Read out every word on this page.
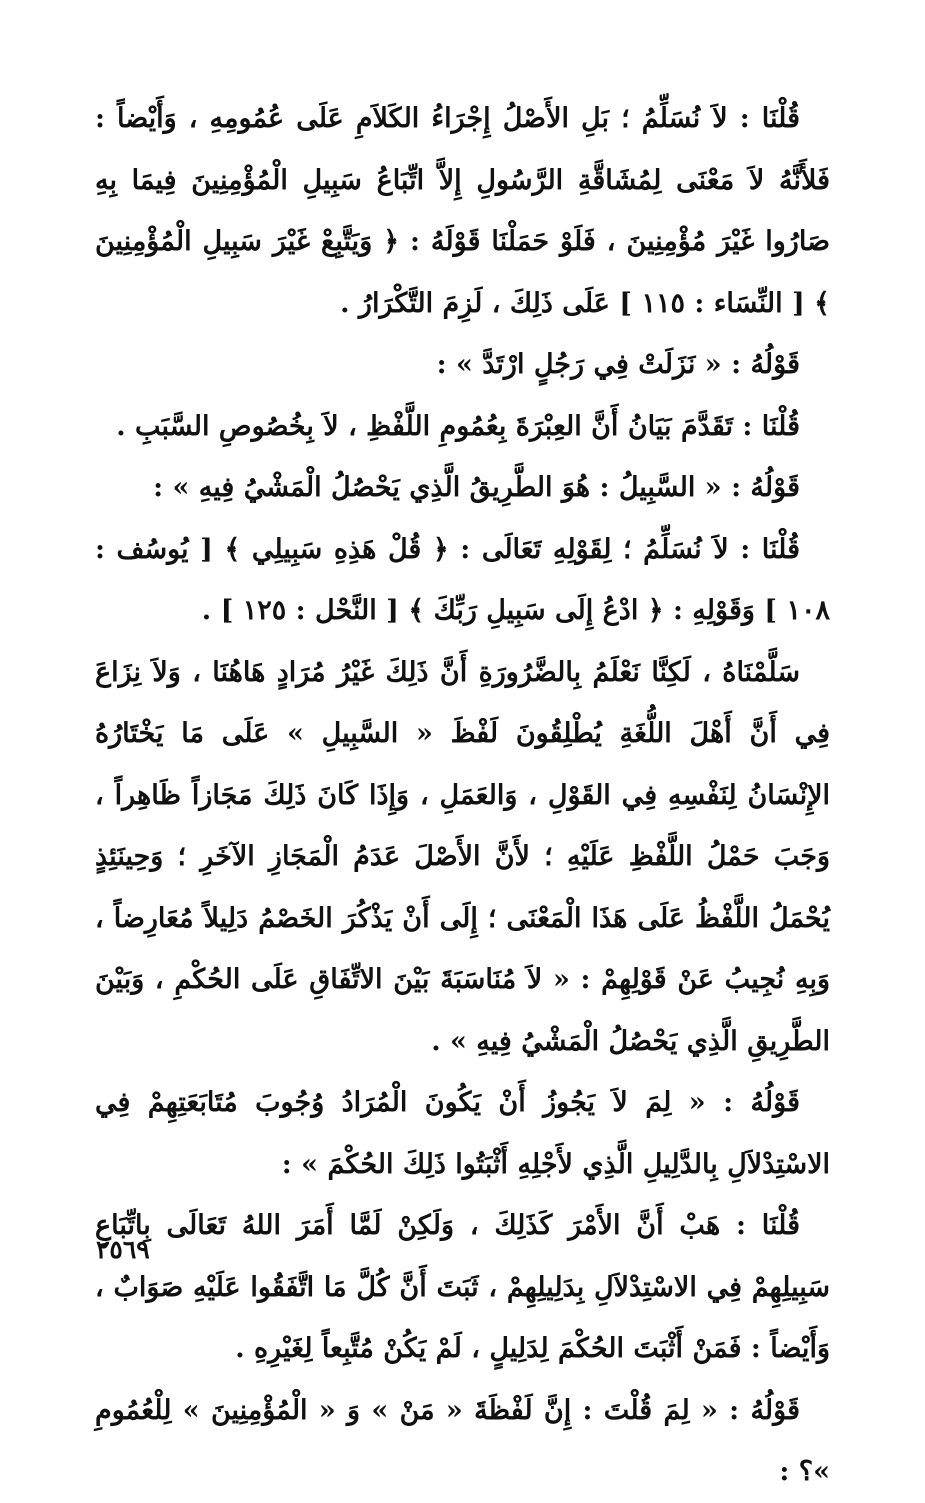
قُلْنَا : لاَ نُسَلِّمُ ؛ بَلِ الأَصْلُ إِجْرَاءُ الكَلاَمِ عَلَى عُمُومِهِ ، وَأَيْضاً : فَلأَنَّهُ لاَ مَعْنَى لِمُشَاقَّةِ الرَّسُولِ إِلاَّ اتِّبَاعُ سَبِيلِ الْمُؤْمِنِينَ فِيمَا بِهِ صَارُوا غَيْرَ مُؤْمِنِينَ ، فَلَوْ حَمَلْنَا قَوْلَهُ : ﴿ وَيَتَّبِعْ غَيْرَ سَبِيلِ الْمُؤْمِنِينَ ﴾ [ النِّسَاء : ١١٥ ] عَلَى ذَلِكَ ، لَزِمَ التَّكْرَارُ .

قَوْلُهُ : « نَزَلَتْ فِي رَجُلٍ ارْتَدَّ » :

قُلْنَا : تَقَدَّمَ بَيَانُ أَنَّ العِبْرَةَ بِعُمُومِ اللَّفْظِ ، لاَ بِخُصُوصِ السَّبَبِ .

قَوْلُهُ : « السَّبِيلُ : هُوَ الطَّرِيقُ الَّذِي يَحْصُلُ الْمَشْيُ فِيهِ » :

قُلْنَا : لاَ نُسَلِّمُ ؛ لِقَوْلِهِ تَعَالَى : ﴿ قُلْ هَذِهِ سَبِيلِي ﴾ [ يُوسُف : ١٠٨ ] وَقَوْلِهِ : ﴿ ادْعُ إِلَى سَبِيلِ رَبِّكَ ﴾ [ النَّحْل : ١٢٥ ] .

سَلَّمْنَاهُ ، لَكِنَّا نَعْلَمُ بِالضَّرُورَةِ أَنَّ ذَلِكَ غَيْرُ مُرَادٍ هَاهُنَا ، وَلاَ نِزَاعَ فِي أَنَّ أَهْلَ اللُّغَةِ يُطْلِقُونَ لَفْظَ « السَّبِيلِ » عَلَى مَا يَخْتَارُهُ الإِنْسَانُ لِنَفْسِهِ فِي القَوْلِ ، وَالعَمَلِ ، وَإِذَا كَانَ ذَلِكَ مَجَازاً ظَاهِراً ، وَجَبَ حَمْلُ اللَّفْظِ عَلَيْهِ ؛ لأَنَّ الأَصْلَ عَدَمُ الْمَجَازِ الآخَرِ ؛ وَحِينَئِذٍ يُحْمَلُ اللَّفْظُ عَلَى هَذَا الْمَعْنَى ؛ إِلَى أَنْ يَذْكُرَ الخَصْمُ دَلِيلاً مُعَارِضاً ، وَبِهِ نُجِيبُ عَنْ قَوْلِهِمْ : « لاَ مُنَاسَبَةَ بَيْنَ الاتِّفَاقِ عَلَى الحُكْمِ ، وَبَيْنَ الطَّرِيقِ الَّذِي يَحْصُلُ الْمَشْيُ فِيهِ » .

قَوْلُهُ : « لِمَ لاَ يَجُوزُ أَنْ يَكُونَ الْمُرَادُ وُجُوبَ مُتَابَعَتِهِمْ فِي الاسْتِدْلاَلِ بِالدَّلِيلِ الَّذِي لأَجْلِهِ أَثْبَتُوا ذَلِكَ الحُكْمَ » :

قُلْنَا : هَبْ أَنَّ الأَمْرَ كَذَلِكَ ، وَلَكِنْ لَمَّا أَمَرَ اللهُ تَعَالَى بِاتِّبَاعِ سَبِيلِهِمْ فِي الاسْتِدْلاَلِ بِدَلِيلِهِمْ ، ثَبَتَ أَنَّ كُلَّ مَا اتَّفَقُوا عَلَيْهِ صَوَابٌ ، وَأَيْضاً : فَمَنْ أَثْبَتَ الحُكْمَ لِدَلِيلٍ ، لَمْ يَكُنْ مُتَّبِعاً لِغَيْرِهِ .

قَوْلُهُ : « لِمَ قُلْتَ : إِنَّ لَفْظَةَ « مَنْ » وَ « الْمُؤْمِنِينَ » لِلْعُمُومِ »؟ :

٢٥٦٩
